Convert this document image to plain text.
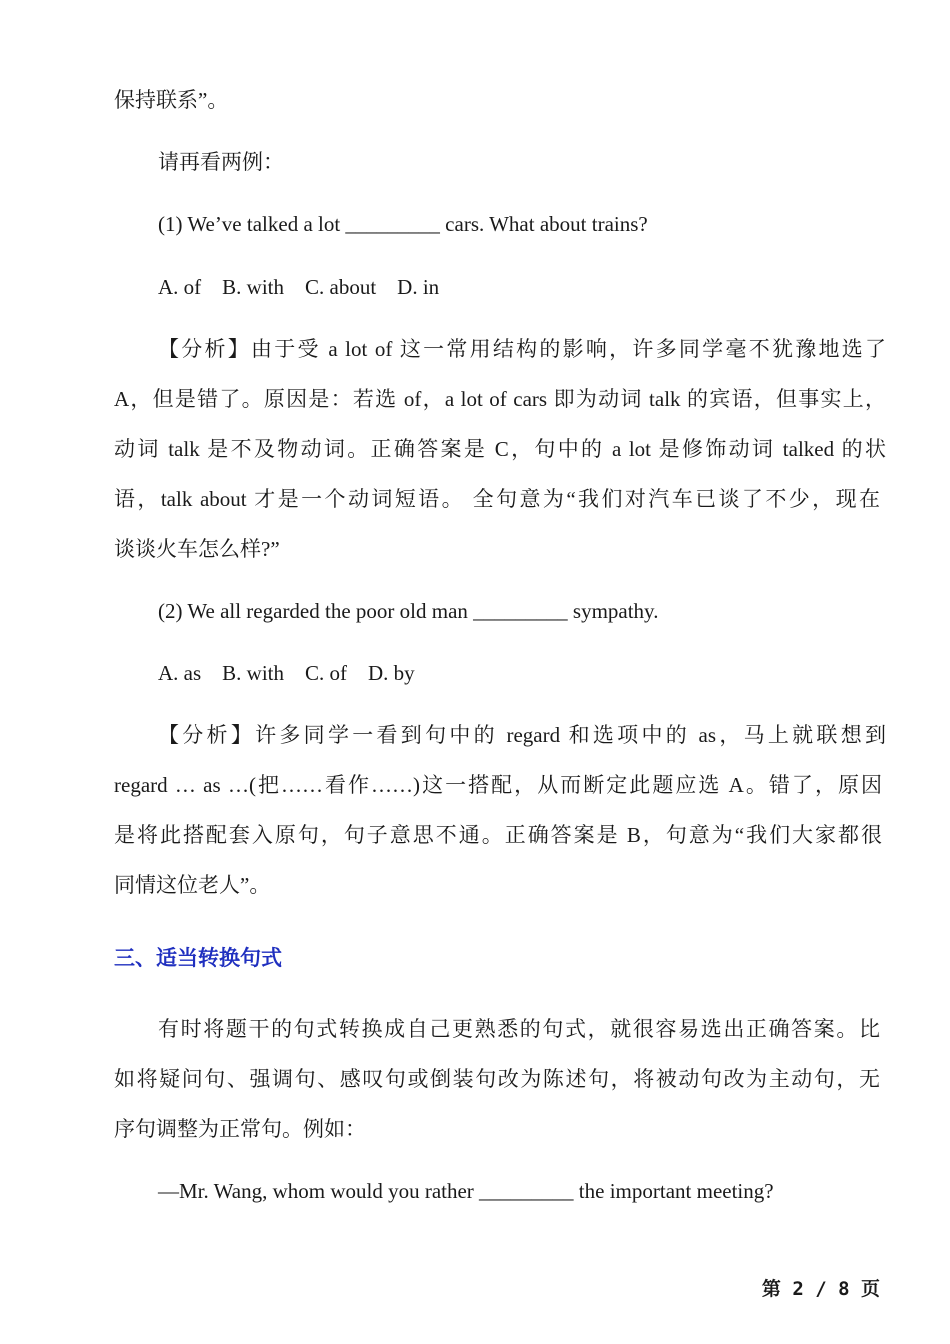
保持联系”。
请再看两例：
(1) We’ve talked a lot _________ cars. What about trains?
A. of    B. with    C. about    D. in
【分析】由于受 a lot of 这一常用结构的影响，许多同学毫不犹豫地选了
A，但是错了。原因是：若选 of，a lot of cars 即为动词 talk 的宾语，但事实上，
动词 talk 是不及物动词。正确答案是 C，句中的 a lot 是修饰动词 talked 的状
语，talk about 才是一个动词短语。 全句意为“我们对汽车已谈了不少，现在
谈谈火车怎么样?”
(2) We all regarded the poor old man _________ sympathy.
A. as    B. with    C. of    D. by
【分析】许多同学一看到句中的 regard 和选项中的 as，马上就联想到
regard … as …(把……看作……)这一搭配，从而断定此题应选 A。错了，原因
是将此搭配套入原句，句子意思不通。正确答案是 B，句意为“我们大家都很
同情这位老人”。
三、适当转换句式
有时将题干的句式转换成自己更熟悉的句式，就很容易选出正确答案。比
如将疑问句、强调句、感叹句或倒装句改为陈述句，将被动句改为主动句，无
序句调整为正常句。例如：
—Mr. Wang, whom would you rather _________ the important meeting?
第 2 / 8 页
